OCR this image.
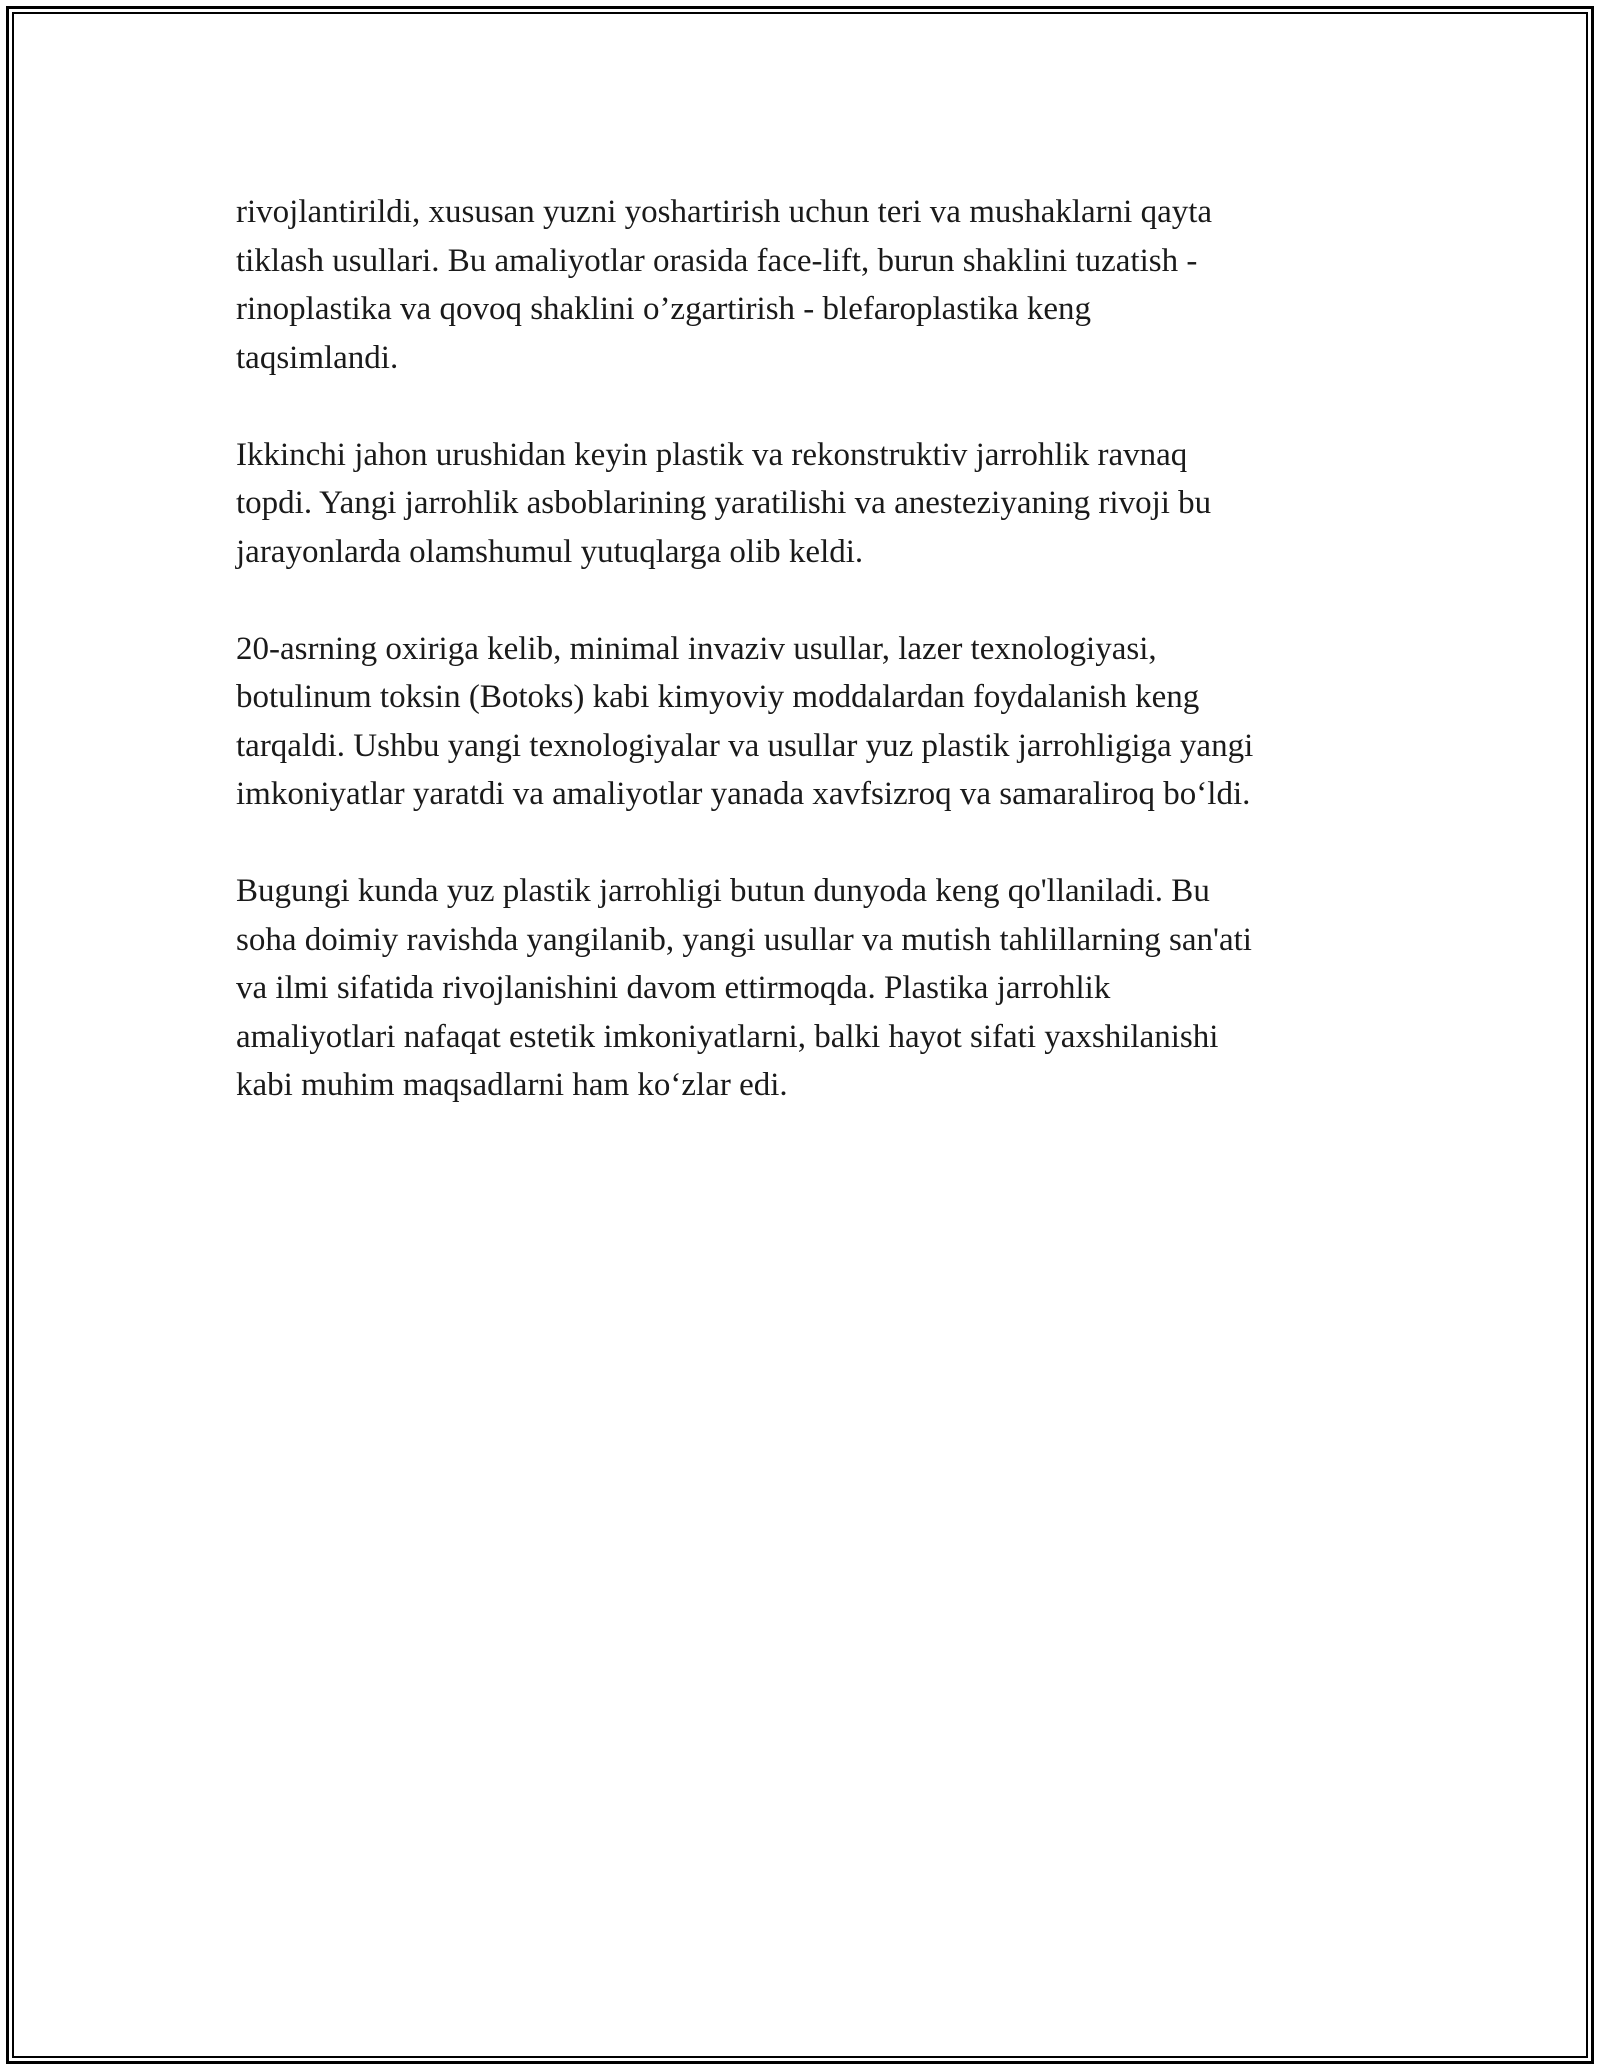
rivojlantirildi, xususan yuzni yoshartirish uchun teri va mushaklarni qayta
tiklash usullari. Bu amaliyotlar orasida face-lift, burun shaklini tuzatish -
rinoplastika va qovoq shaklini o’zgartirish - blefaroplastika keng
taqsimlandi.

Ikkinchi jahon urushidan keyin plastik va rekonstruktiv jarrohlik ravnaq
topdi. Yangi jarrohlik asboblarining yaratilishi va anesteziyaning rivoji bu
jarayonlarda olamshumul yutuqlarga olib keldi.

20-asrning oxiriga kelib, minimal invaziv usullar, lazer texnologiyasi,
botulinum toksin (Botoks) kabi kimyoviy moddalardan foydalanish keng
tarqaldi. Ushbu yangi texnologiyalar va usullar yuz plastik jarrohligiga yangi
imkoniyatlar yaratdi va amaliyotlar yanada xavfsizroq va samaraliroq bo‘ldi.

Bugungi kunda yuz plastik jarrohligi butun dunyoda keng qo'llaniladi. Bu
soha doimiy ravishda yangilanib, yangi usullar va mutish tahlillarning san'ati
va ilmi sifatida rivojlanishini davom ettirmoqda. Plastika jarrohlik
amaliyotlari nafaqat estetik imkoniyatlarni, balki hayot sifati yaxshilanishi
kabi muhim maqsadlarni ham ko‘zlar edi.
